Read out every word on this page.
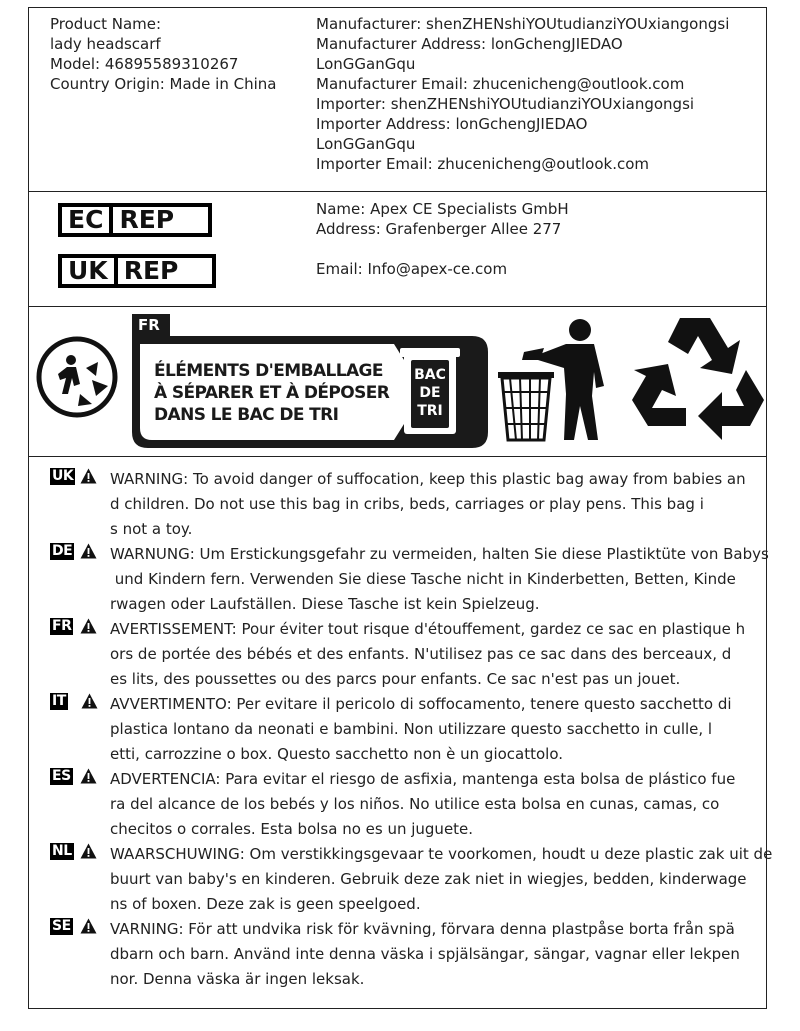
Product Name:
lady headscarf
Model: 46895589310267
Country Origin: Made in China
Manufacturer: shenZHENshiYOUtudianziYOUxiangongsi
Manufacturer Address: lonGchengJIEDAO
LonGGanGqu
Manufacturer Email: zhucenicheng@outlook.com
Importer: shenZHENshiYOUtudianziYOUxiangongsi
Importer Address: lonGchengJIEDAO
LonGGanGqu
Importer Email: zhucenicheng@outlook.com
EC REP
UK REP
Name: Apex CE Specialists GmbH
Address: Grafenberger Allee 277
Email: Info@apex-ce.com
FR
ÉLÉMENTS D'EMBALLAGE
À SÉPARER ET À DÉPOSER
DANS LE BAC DE TRI
BAC
DE
TRI
UK WARNING: To avoid danger of suffocation, keep this plastic bag away from babies an
d children. Do not use this bag in cribs, beds, carriages or play pens. This bag i
s not a toy.
DE	WARNUNG: Um Erstickungsgefahr zu vermeiden, halten Sie diese Plastiktüte von Babys
und Kindern fern. Verwenden Sie diese Tasche nicht in Kinderbetten, Betten, Kinde
rwagen oder Laufställen. Diese Tasche ist kein Spielzeug.
FR	AVERTISSEMENT: Pour éviter tout risque d'étouffement, gardez ce sac en plastique h
ors de portée des bébés et des enfants. N'utilisez pas ce sac dans des berceaux, d
es lits, des poussettes ou des parcs pour enfants. Ce sac n'est pas un jouet.
IT	AVVERTIMENTO: Per evitare il pericolo di soffocamento, tenere questo sacchetto di
plastica lontano da neonati e bambini. Non utilizzare questo sacchetto in culle, l
etti, carrozzine o box. Questo sacchetto non è un giocattolo.
ES	ADVERTENCIA: Para evitar el riesgo de asfixia, mantenga esta bolsa de plástico fue
ra del alcance de los bebés y los niños. No utilice esta bolsa en cunas, camas, co
checitos o corrales. Esta bolsa no es un juguete.
NL	WAARSCHUWING: Om verstikkingsgevaar te voorkomen, houdt u deze plastic zak uit de
buurt van baby's en kinderen. Gebruik deze zak niet in wiegjes, bedden, kinderwage
ns of boxen. Deze zak is geen speelgoed.
SE	VARNING: För att undvika risk för kvävning, förvara denna plastpåse borta från spä
dbarn och barn. Använd inte denna väska i spjälsängar, sängar, vagnar eller lekpen
nor. Denna väska är ingen leksak.
